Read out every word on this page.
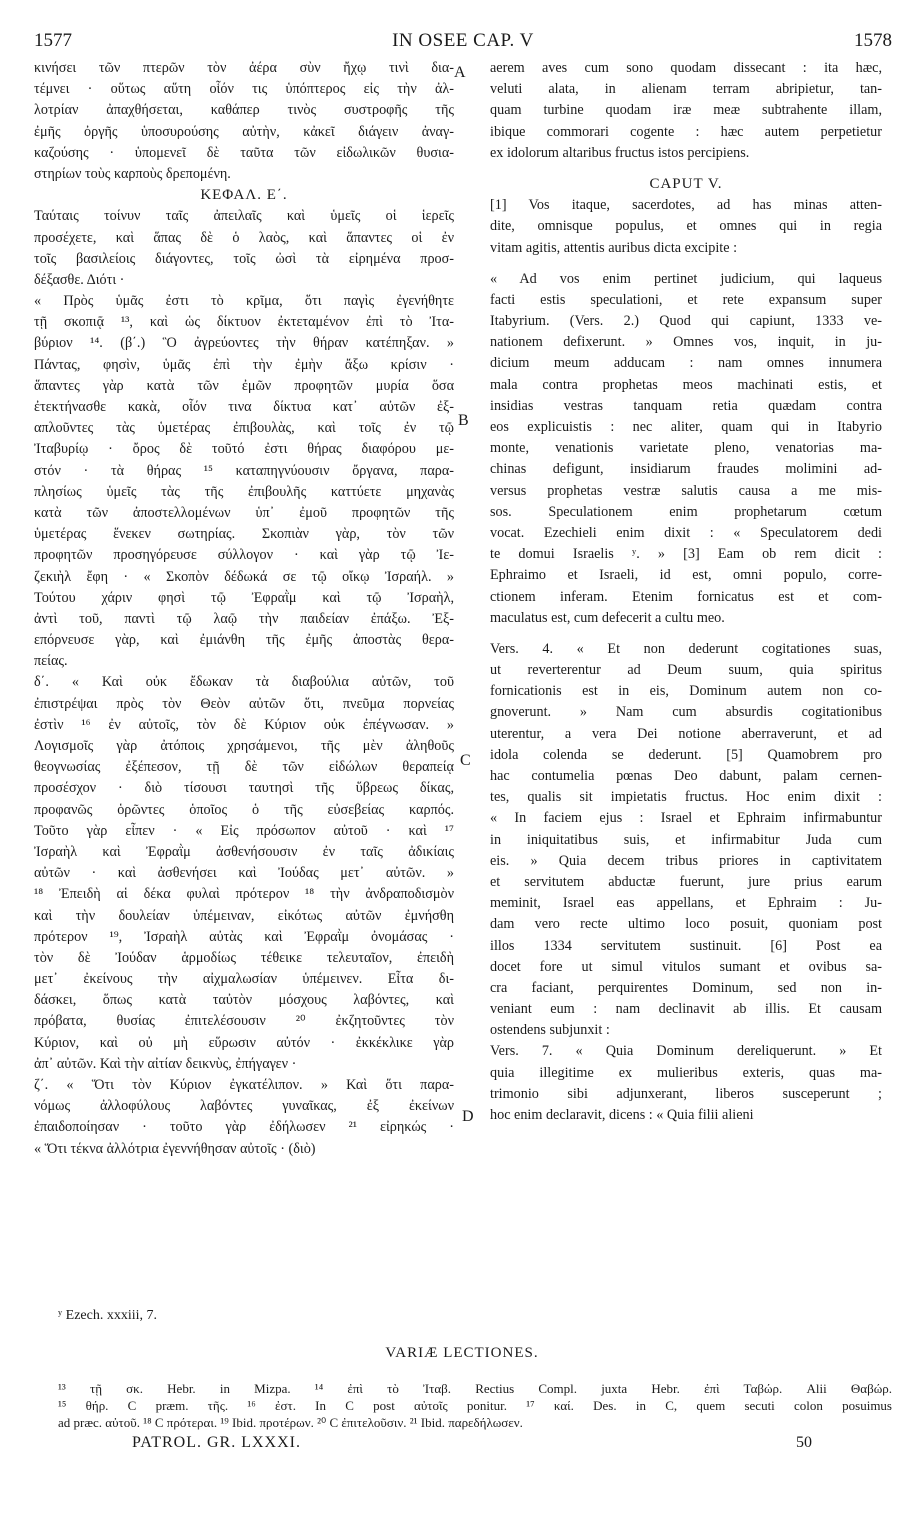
1577	IN OSEE CAP. V	1578
κινήσει τῶν πτερῶν τὸν ἀέρα σὺν ἤχῳ τινὶ δια-
τέμνει · οὕτως αὕτη οἷόν τις ὑπόπτερος εἰς τὴν ἀλ-
λοτρίαν ἀπαχθήσεται, καθάπερ τινὸς συστροφῆς τῆς
ἐμῆς ὀργῆς ὑποσυρούσης αὐτὴν, κἀκεῖ διάγειν ἀναγ-
καζούσης · ὑπομενεῖ δὲ ταῦτα τῶν εἰδωλικῶν θυσια-
στηρίων τοὺς καρποὺς δρεπομένη.
ΚΕΦΑΛ. Ε΄.
Ταύταις τοίνυν ταῖς ἀπειλαῖς καὶ ὑμεῖς οἱ ἱερεῖς
προσέχετε, καὶ ἅπας δὲ ὁ λαὸς, καὶ ἅπαντες οἱ ἐν
τοῖς βασιλείοις διάγοντες, τοῖς ὠσὶ τὰ εἰρημένα προσ-
δέξασθε. Διότι ·
« Πρὸς ὑμᾶς ἐστι τὸ κρῖμα, ὅτι παγὶς ἐγενήθητε
τῇ σκοπιᾷ ¹³, καὶ ὡς δίκτυον ἐκτεταμένον ἐπὶ τὸ Ἰτα-
βύριον ¹⁴. (β΄.) Ὃ ἀγρεύοντες τὴν θήραν κατέπηξαν. »
Πάντας, φησὶν, ὑμᾶς ἐπὶ τὴν ἐμὴν ἄξω κρίσιν ·
ἅπαντες γὰρ κατὰ τῶν ἐμῶν προφητῶν μυρία ὅσα
ἐτεκτήνασθε κακὰ, οἷόν τινα δίκτυα κατ᾽ αὐτῶν ἐξ-
απλοῦντες τὰς ὑμετέρας ἐπιβουλὰς, καὶ τοῖς ἐν τῷ
Ἰταβυρίῳ · ὄρος δὲ τοῦτό ἐστι θήρας διαφόρου με-
στόν · τὰ θήρας ¹⁵ καταπηγνύουσιν ὄργανα, παρα-
πλησίως ὑμεῖς τὰς τῆς ἐπιβουλῆς καττύετε μηχανὰς
κατὰ τῶν ἀποστελλομένων ὑπ᾽ ἐμοῦ προφητῶν τῆς
ὑμετέρας ἕνεκεν σωτηρίας. Σκοπιὰν γὰρ, τὸν τῶν
προφητῶν προσηγόρευσε σύλλογον · καὶ γὰρ τῷ Ἰε-
ζεκιὴλ ἔφη · « Σκοπὸν δέδωκά σε τῷ οἴκῳ Ἰσραήλ. »
Τούτου χάριν φησὶ τῷ Ἐφραῒμ καὶ τῷ Ἰσραὴλ,
ἀντὶ τοῦ, παντὶ τῷ λαῷ τὴν παιδείαν ἐπάξω. Ἐξ-
επόρνευσε γὰρ, καὶ ἐμιάνθη τῆς ἐμῆς ἀποστὰς θερα-
πείας.
δ΄. « Καὶ οὐκ ἔδωκαν τὰ διαβούλια αὐτῶν, τοῦ
ἐπιστρέψαι πρὸς τὸν Θεὸν αὐτῶν ὅτι, πνεῦμα πορνείας
ἐστὶν ¹⁶ ἐν αὐτοῖς, τὸν δὲ Κύριον οὐκ ἐπέγνωσαν. »
Λογισμοῖς γὰρ ἀτόποις χρησάμενοι, τῆς μὲν ἀληθοῦς
θεογνωσίας ἐξέπεσον, τῇ δὲ τῶν εἰδώλων θεραπείᾳ
προσέσχον · διὸ τίσουσι ταυτησὶ τῆς ὕβρεως δίκας,
προφανῶς ὁρῶντες ὁποῖος ὁ τῆς εὐσεβείας καρπός.
Τοῦτο γὰρ εἶπεν · « Εἰς πρόσωπον αὐτοῦ · καὶ ¹⁷
Ἰσραὴλ καὶ Ἐφραῒμ ἀσθενήσουσιν ἐν ταῖς ἀδικίαις
αὐτῶν · καὶ ἀσθενήσει καὶ Ἰούδας μετ᾽ αὐτῶν. »
¹⁸ Ἐπειδὴ αἱ δέκα φυλαὶ πρότερον ¹⁸ τὴν ἀνδραποδισμὸν
καὶ τὴν δουλείαν ὑπέμειναν, εἰκότως αὐτῶν ἐμνήσθη
πρότερον ¹⁹, Ἰσραὴλ αὐτὰς καὶ Ἐφραῒμ ὀνομάσας ·
τὸν δὲ Ἰούδαν ἁρμοδίως τέθεικε τελευταῖον, ἐπειδὴ
μετ᾽ ἐκείνους τὴν αἰχμαλωσίαν ὑπέμεινεν. Εἶτα δι-
δάσκει, ὅπως κατὰ ταὐτὸν μόσχους λαβόντες, καὶ
πρόβατα, θυσίας ἐπιτελέσουσιν ²⁰ ἐκζητοῦντες τὸν
Κύριον, καὶ οὐ μὴ εὕρωσιν αὐτόν · ἐκκέκλικε γὰρ
ἀπ᾽ αὐτῶν. Καὶ τὴν αἰτίαν δεικνὺς, ἐπήγαγεν ·
ζ΄. « Ὅτι τὸν Κύριον ἐγκατέλιπον. » Καὶ ὅτι παρα-
νόμως ἀλλοφύλους λαβόντες γυναῖκας, ἐξ ἐκείνων
ἐπαιδοποίησαν · τοῦτο γὰρ ἐδήλωσεν ²¹ εἰρηκώς ·
« Ὅτι τέκνα ἀλλότρια ἐγεννήθησαν αὐτοῖς · (διὸ)
aerem aves cum sono quodam dissecant : ita hæc,
veluti alata, in alienam terram abripietur, tan-
quam turbine quodam iræ meæ subtrahente illam,
ibique commorari cogente : hæc autem perpetietur
ex idolorum altaribus fructus istos percipiens.
CAPUT V.
[1] Vos itaque, sacerdotes, ad has minas atten-
dite, omnisque populus, et omnes qui in regia
vitam agitis, attentis auribus dicta excipite :
« Ad vos enim pertinet judicium, qui laqueus
facti estis speculationi, et rete expansum super
Itabyrium. (Vers. 2.) Quod qui capiunt, 1333 ve-
nationem defixerunt. » Omnes vos, inquit, in ju-
dicium meum adducam : nam omnes innumera
mala contra prophetas meos machinati estis, et
insidias vestras tanquam retia quædam contra
eos explicuistis : nec aliter, quam qui in Itabyrio
monte, venationis varietate pleno, venatorias ma-
chinas defigunt, insidiarum fraudes molimini ad-
versus prophetas vestræ salutis causa a me mis-
sos. Speculationem enim prophetarum cœtum
vocat. Ezechieli enim dixit : « Speculatorem dedi
te domui Israelis ʸ. » [3] Eam ob rem dicit :
Ephraimo et Israeli, id est, omni populo, corre-
ctionem inferam. Etenim fornicatus est et com-
maculatus est, cum defecerit a cultu meo.
Vers. 4. « Et non dederunt cogitationes suas,
ut reverterentur ad Deum suum, quia spiritus
fornicationis est in eis, Dominum autem non co-
gnoverunt. » Nam cum absurdis cogitationibus
uterentur, a vera Dei notione aberraverunt, et ad
idola colenda se dederunt. [5] Quamobrem pro
hac contumelia pœnas Deo dabunt, palam cernen-
tes, qualis sit impietatis fructus. Hoc enim dixit :
« In faciem ejus : Israel et Ephraim infirmabuntur
in iniquitatibus suis, et infirmabitur Juda cum
eis. » Quia decem tribus priores in captivitatem
et servitutem abductæ fuerunt, jure prius earum
meminit, Israel eas appellans, et Ephraim : Ju-
dam vero recte ultimo loco posuit, quoniam post
illos 1334 servitutem sustinuit. [6] Post ea
docet fore ut simul vitulos sumant et ovibus sa-
cra faciant, perquirentes Dominum, sed non in-
veniant eum : nam declinavit ab illis. Et causam
ostendens subjunxit :
Vers. 7. « Quia Dominum dereliquerunt. » Et
quia illegitime ex mulieribus exteris, quas ma-
trimonio sibi adjunxerant, liberos susceperunt ;
hoc enim declaravit, dicens : « Quia filii alieni
A
B
C
D
ʸ Ezech. xxxiii, 7.
VARIÆ LECTIONES.
¹³ τῇ σκ. Hebr. in Mizpa. ¹⁴ ἐπὶ τὸ Ἰταβ. Rectius Compl. juxta Hebr. ἐπὶ Ταβώρ. Alii Θαβώρ.
¹⁵ θήρ. C præm. τῆς. ¹⁶ ἐστ. In C post αὐτοῖς ponitur. ¹⁷ καί. Des. in C, quem secuti colon posuimus
ad præc. αὐτοῦ. ¹⁸ C πρότεραι. ¹⁹ Ibid. προτέρων. ²⁰ C ἐπιτελοῦσιν. ²¹ Ibid. παρεδήλωσεν.
PATROL. GR. LXXXI.	50
